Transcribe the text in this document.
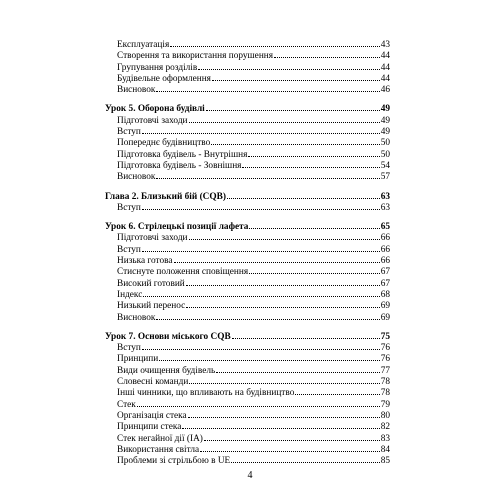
Експлуатація	43
Створення та використання порушення	44
Групування розділів	44
Будівельне оформлення	44
Висновок	46
Урок 5. Оборона будівлі	49
Підготовчі заходи	49
Вступ	49
Попереднє будівництво	50
Підготовка будівель - Внутрішня	50
Підготовка будівель - Зовнішня	54
Висновок	57
Глава 2. Близький бій (CQB)	63
Вступ	63
Урок 6. Стрілецькі позиції лафета	65
Підготовчі заходи	66
Вступ	66
Низька готова	66
Стиснуте положення сповіщення	67
Високий готовий	67
Індекс	68
Низький перенос	69
Висновок	69
Урок 7. Основи міського CQB	75
Вступ	76
Принципи	76
Види очищення будівель	77
Словесні команди	78
Інші чинники, що впливають на будівництво	78
Стек	79
Організація стека	80
Принципи стека	82
Стек негайної дії (IA)	83
Використання світла	84
Проблеми зі стрільбою в UE	85
4
